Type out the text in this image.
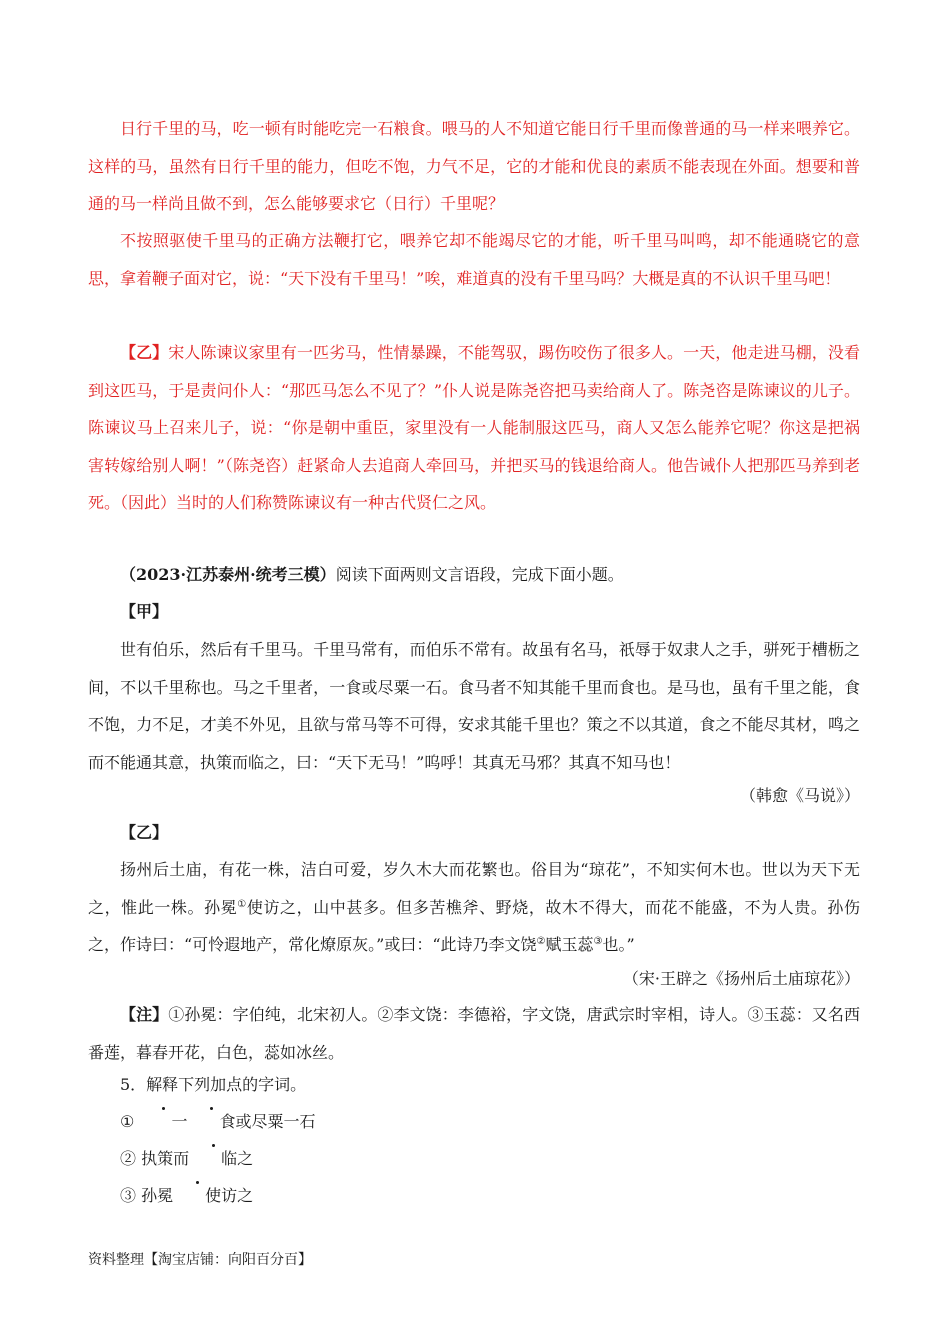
日行千里的马，吃一顿有时能吃完一石粮食。喂马的人不知道它能日行千里而像普通的马一样来喂养它。这样的马，虽然有日行千里的能力，但吃不饱，力气不足，它的才能和优良的素质不能表现在外面。想要和普通的马一样尚且做不到，怎么能够要求它（日行）千里呢？

不按照驱使千里马的正确方法鞭打它，喂养它却不能竭尽它的才能，听千里马叫鸣，却不能通晓它的意思，拿着鞭子面对它，说：“天下没有千里马！”唉，难道真的没有千里马吗？大概是真的不认识千里马吧！

【乙】宋人陈谏议家里有一匹劣马，性情暴躁，不能驾驭，踢伤咬伤了很多人。一天，他走进马棚，没看到这匹马，于是责问仆人：“那匹马怎么不见了？”仆人说是陈尧咨把马卖给商人了。陈尧咨是陈谏议的儿子。陈谏议马上召来儿子，说：“你是朝中重臣，家里没有一人能制服这匹马，商人又怎么能养它呢？你这是把祸害转嫁给别人啊！”（陈尧咨）赶紧命人去追商人牵回马，并把买马的钱退给商人。他告诫仆人把那匹马养到老死。（因此）当时的人们称赞陈谏议有一种古代贤仁之风。

（2023·江苏泰州·统考三模）阅读下面两则文言语段，完成下面小题。

【甲】

世有伯乐，然后有千里马。千里马常有，而伯乐不常有。故虽有名马，祇辱于奴隶人之手，骈死于槽枥之间，不以千里称也。马之千里者，一食或尽粟一石。食马者不知其能千里而食也。是马也，虽有千里之能，食不饱，力不足，才美不外见，且欲与常马等不可得，安求其能千里也？策之不以其道，食之不能尽其材，鸣之而不能通其意，执策而临之，曰：“天下无马！”呜呼！其真无马邪？其真不知马也！

（韩愈《马说》）

【乙】

扬州后土庙，有花一株，洁白可爱，岁久木大而花繁也。俗目为“琼花”，不知实何木也。世以为天下无之，惟此一株。孙冕①使访之，山中甚多。但多苦樵斧、野烧，故木不得大，而花不能盛，不为人贵。孙伤之，作诗曰：“可怜遐地产，常化燎原灰。”或曰：“此诗乃李文饶②赋玉蕊③也。”

（宋·王辟之《扬州后土庙琼花》）

【注】①孙冕：字伯纯，北宋初人。②李文饶：李德裕，字文饶，唐武宗时宰相，诗人。③玉蕊：又名西番莲，暮春开花，白色，蕊如冰丝。

5．解释下列加点的字词。

① 一 食或尽粟一石

② 执策而 临之

③ 孙冕 使访之

资料整理【淘宝店铺：向阳百分百】
